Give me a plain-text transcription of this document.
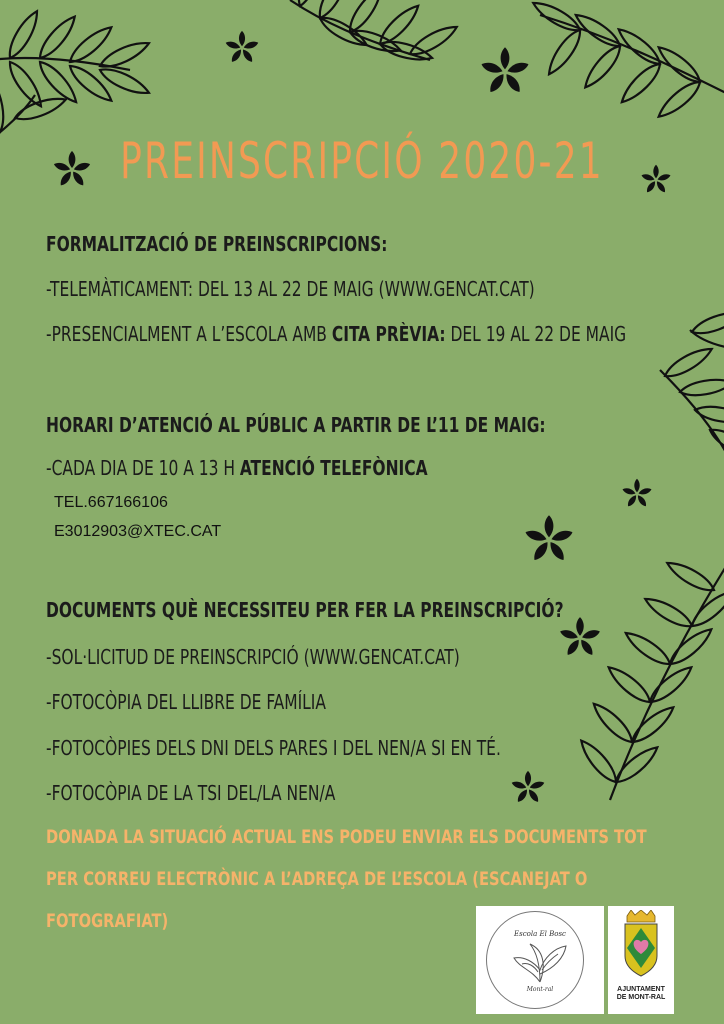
PREINSCRIPCIÓ 2020-21
FORMALITZACIÓ DE PREINSCRIPCIONS:
-TELEMÀTICAMENT: DEL 13 AL 22 DE MAIG (WWW.GENCAT.CAT)
-PRESENCIALMENT A L’ESCOLA AMB CITA PRÈVIA: DEL 19 AL 22 DE MAIG
HORARI D’ATENCIÓ AL PÚBLIC A PARTIR DE L’11 DE MAIG:
-CADA DIA DE 10 A 13 H ATENCIÓ TELEFÒNICA
TEL.667166106
E3012903@XTEC.CAT
DOCUMENTS QUÈ NECESSITEU PER FER LA PREINSCRIPCIÓ?
-SOL·LICITUD DE PREINSCRIPCIÓ (WWW.GENCAT.CAT)
-FOTOCÒPIA DEL LLIBRE DE FAMÍLIA
-FOTOCÒPIES DELS DNI DELS PARES I DEL NEN/A SI EN TÉ.
-FOTOCÒPIA DE LA TSI DEL/LA NEN/A
DONADA LA SITUACIÓ ACTUAL ENS PODEU ENVIAR ELS DOCUMENTS TOT
PER CORREU ELECTRÒNIC A L’ADREÇA DE L’ESCOLA (ESCANEJAT O
FOTOGRAFIAT)
Escola El Bosc
Mont-ral	AJUNTAMENT
DE MONT-RAL
